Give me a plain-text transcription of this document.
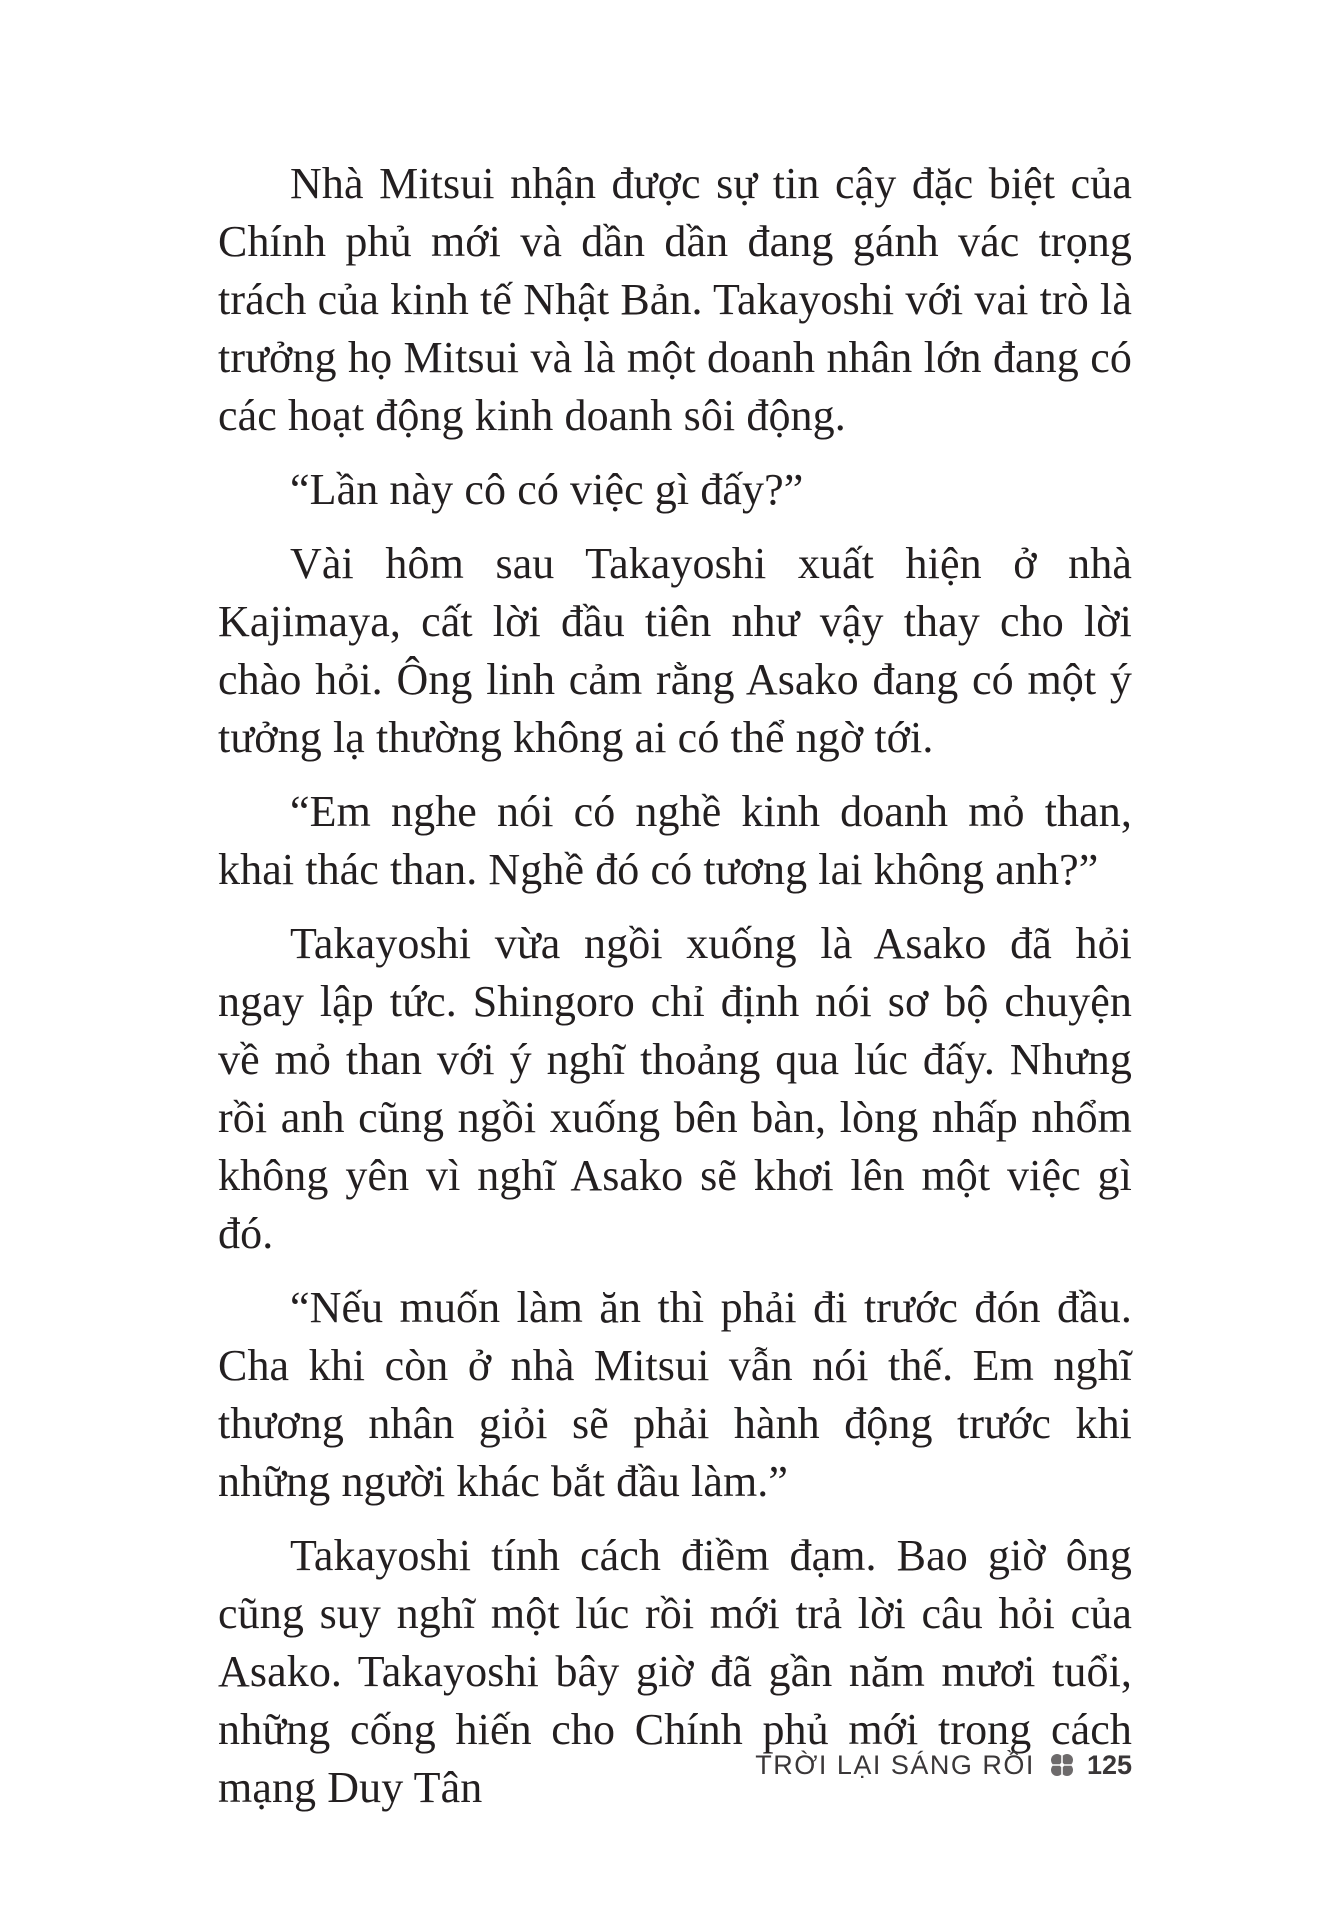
Nhà Mitsui nhận được sự tin cậy đặc biệt của Chính phủ mới và dần dần đang gánh vác trọng trách của kinh tế Nhật Bản. Takayoshi với vai trò là trưởng họ Mitsui và là một doanh nhân lớn đang có các hoạt động kinh doanh sôi động.

“Lần này cô có việc gì đấy?”

Vài hôm sau Takayoshi xuất hiện ở nhà Kajimaya, cất lời đầu tiên như vậy thay cho lời chào hỏi. Ông linh cảm rằng Asako đang có một ý tưởng lạ thường không ai có thể ngờ tới.

“Em nghe nói có nghề kinh doanh mỏ than, khai thác than. Nghề đó có tương lai không anh?”

Takayoshi vừa ngồi xuống là Asako đã hỏi ngay lập tức. Shingoro chỉ định nói sơ bộ chuyện về mỏ than với ý nghĩ thoảng qua lúc đấy. Nhưng rồi anh cũng ngồi xuống bên bàn, lòng nhấp nhổm không yên vì nghĩ Asako sẽ khơi lên một việc gì đó.

“Nếu muốn làm ăn thì phải đi trước đón đầu. Cha khi còn ở nhà Mitsui vẫn nói thế. Em nghĩ thương nhân giỏi sẽ phải hành động trước khi những người khác bắt đầu làm.”

Takayoshi tính cách điềm đạm. Bao giờ ông cũng suy nghĩ một lúc rồi mới trả lời câu hỏi của Asako. Takayoshi bây giờ đã gần năm mươi tuổi, những cống hiến cho Chính phủ mới trong cách mạng Duy Tân	TRỜI LẠI SÁNG RỒI 125
